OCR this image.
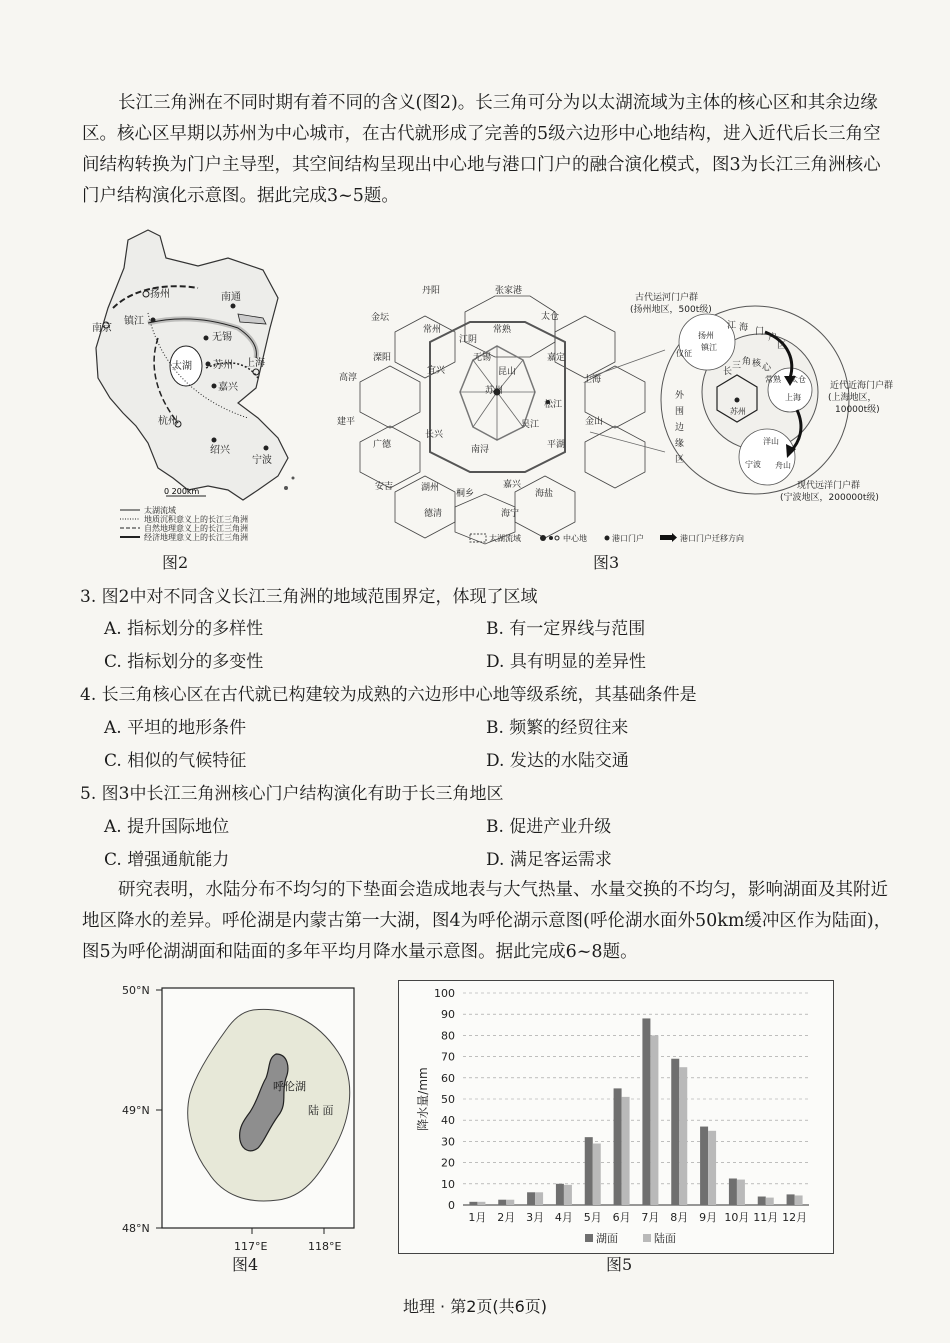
长江三角洲在不同时期有着不同的含义(图2)。长三角可分为以太湖流域为主体的核心区和其余边缘区。核心区早期以苏州为中心城市，在古代就形成了完善的5级六边形中心地结构，进入近代后长三角空间结构转换为门户主导型，其空间结构呈现出中心地与港口门户的融合演化模式，图3为长江三角洲核心门户结构演化示意图。据此完成3~5题。

扬州	南通
南京
镇江
无锡
太湖 苏州 上海
嘉兴
杭州
绍兴
宁波
0 200km
太湖流域
地质沉积意义上的长江三角洲
自然地理意义上的长江三角洲
经济地理意义上的长江三角洲
图2
丹阳	张家港
太仓
金坛
江阴
常州	常熟
溧阳	无锡	嘉定
高淳
宜兴	昆山
上海
苏州
松江
建平
广德
长兴
吴江	金山
南浔	平湖
安吉	湖州
桐乡
嘉兴
海盐
德清	海宁
古代运河门户群
(扬州地区，500t级)
近代近海门户群
(上海地区，
10000t级)
现代远洋门户群
(宁波地区，200000t级)
外
围
边
缘
区
江 海 门
户
区
长
三 角 核 心
扬州
镇江
仪征
苏州
上海
太仓
宁波 舟山
洋山
常熟
太湖流域	中心地	港口门户	港口门户迁移方向
图3
3. 图2中对不同含义长江三角洲的地域范围界定，体现了区域
A. 指标划分的多样性	B. 有一定界线与范围
C. 指标划分的多变性	D. 具有明显的差异性
4. 长三角核心区在古代就已构建较为成熟的六边形中心地等级系统，其基础条件是
A. 平坦的地形条件	B. 频繁的经贸往来
C. 相似的气候特征	D. 发达的水陆交通
5. 图3中长江三角洲核心门户结构演化有助于长三角地区
A. 提升国际地位	B. 促进产业升级
C. 增强通航能力	D. 满足客运需求

研究表明，水陆分布不均匀的下垫面会造成地表与大气热量、水量交换的不均匀，影响湖面及其附近地区降水的差异。呼伦湖是内蒙古第一大湖，图4为呼伦湖示意图(呼伦湖水面外50km缓冲区作为陆面)，图5为呼伦湖湖面和陆面的多年平均月降水量示意图。据此完成6~8题。

50°N
49°N
48°N
117°E	118°E
呼伦湖
陆 面
图4
0
10
20
30
40
50
60
70
80
90
100
降水量/mm
1月 2月 3月 4月 5月 6月 7月 8月 9月 10月 11月 12月
湖面	陆面
图5
地理 · 第2页(共6页)
